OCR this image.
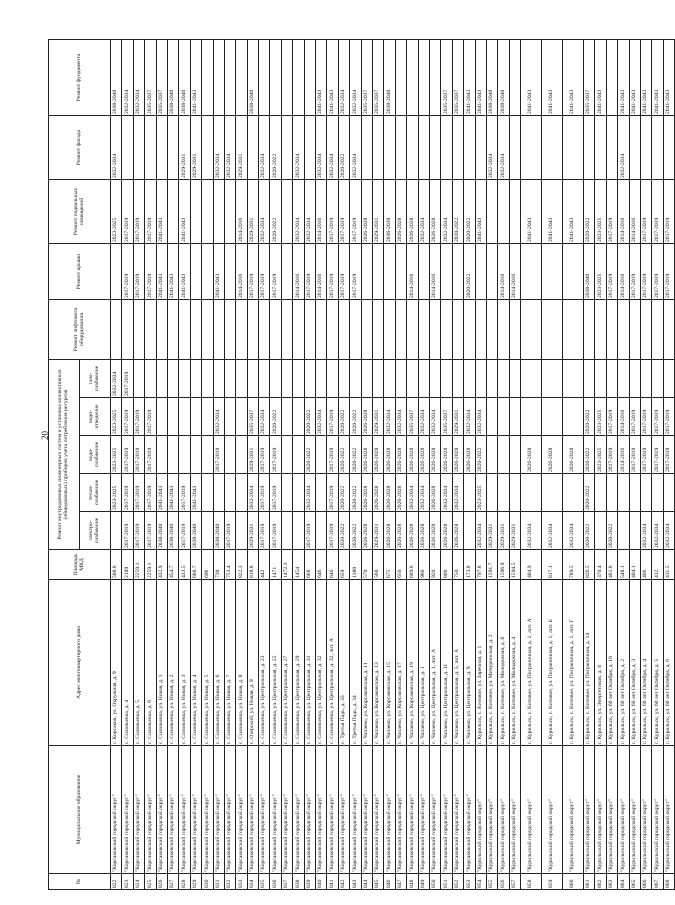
20
№	Муниципальное образование	Адрес многоквартирного дома	Площадь МКД	Ремонт внутридомовых инженерных систем и установка коллективных (общедомовых) приборов учета потребления ресурсов					Ремонт лифтового оборудования	Ремонт крыши	Ремонт подвальных помещений	Ремонт фасада	Ремонт фундамента
				электро-снабжение	тепло-снабжение	водо-снабжение	водо-отведение	газо-снабжение					
822	"Корсаковский городской округ"	г. Корсаков, ул. Окружная, д. 9	588.6		2023-2025	2023-2025	2023-2025	2032-2034			2023-2025	2032-2034	2038-2040
823	"Корсаковский городской округ"	с. Соловьевка, д. 4	2189	2017-2019	2017-2019	2017-2019	2017-2019	2017-2019		2017-2019	2017-2019		2032-2034
824	"Корсаковский городской округ"	с. Соловьевка, д. 5	2259.1	2017-2019	2017-2019	2017-2019	2017-2019			2017-2019	2017-2019		2032-2034
825	"Корсаковский городской округ"	с. Соловьевка, д. 6	2259.1	2017-2019	2017-2019	2017-2019	2017-2019			2017-2019	2017-2019		2035-2037
826	"Корсаковский городской округ"	с. Соловьевка, ул. Новая, д. 1	432.9	2038-2040	2041-2043					2041-2043	2041-2043		2035-2037
827	"Корсаковский городской округ"	с. Соловьевка, ул. Новая, д. 2	454.7	2038-2040	2041-2043					2041-2043			2038-2040
828	"Корсаковский городской округ"	с. Соловьевка, ул. Новая, д. 3	433.5	2017-2019	2017-2019					2041-2043	2041-2043	2029-2031	2038-2040
829	"Корсаковский городской округ"	с. Соловьевка, ул. Новая, д. 4	688.7	2038-2040	2041-2043							2029-2031	2041-2043
830	"Корсаковский городской округ"	с. Соловьевка, ул. Новая, д. 5	696										
831	"Корсаковский городской округ"	с. Соловьевка, ул. Новая, д. 6	738	2038-2040		2017-2019	2032-2034			2041-2043		2032-2034	
832	"Корсаковский городской округ"	с. Соловьевка, ул. Новая, д. 7	753.4	2017-2019								2032-2034	
833	"Корсаковский городской округ"	с. Соловьевка, ул. Новая, д. 8	822.3							2014-2016	2014-2016	2029-2031	
834	"Корсаковский городской округ"	с. Озерский, ул. Новая, д. 9	818.8	2029-2031	2032-2034	2029-2031	2035-2037			2017-2019	2029-2031		2038-2040
835	"Корсаковский городской округ"	с. Соловьевка, ул. Центральная, д. 23	442	2017-2019	2017-2019	2017-2019	2032-2034			2017-2019	2032-2034	2032-2034	
836	"Корсаковский городской округ"	с. Соловьевка, ул. Центральная, д. 25	1471	2017-2019	2017-2019	2017-2019	2020-2022			2017-2019	2020-2022	2020-2022	
837	"Корсаковский городской округ"	с. Соловьевка, ул. Центральная, д. 27	1472.3										
838	"Корсаковский городской округ"	с. Соловьевка, ул. Центральная, д. 29	1454							2014-2016	2032-2034	2032-2034	
839	"Корсаковский городской округ"	с. Соловьевка, ул. Центральная, д. 31	668	2017-2019	2032-2034	2020-2022	2020-2022			2017-2019	2032-2034		
840	"Корсаковский городской округ"	с. Соловьевка, ул. Центральная, д. 32	646				2032-2034			2014-2016	2014-2016	2032-2034	2041-2043
841	"Корсаковский городской округ"	с. Соловьевка, ул. Центральная, д. 32, лит. А	646	2017-2019	2017-2019	2017-2019	2017-2019			2017-2019	2017-2019	2032-2034	2041-2043
842	"Корсаковский городской округ"	с. Третья Падь, д. 33	659	2020-2022	2020-2022	2020-2022	2020-2022			2017-2019	2017-2019	2020-2022	2032-2034
843	"Корсаковский городской округ"	с. Третья Падь, д. 34	1380	2020-2022	2020-2022	2020-2022	2020-2022			2017-2019	2017-2019	2032-2034	2032-2034
844	"Корсаковский городской округ"	с. Чапаево, ул. Корсаковская, д. 11	570	2026-2028	2026-2028	2026-2028	2026-2028				2026-2028		2035-2037
845	"Корсаковский городской округ"	с. Чапаево, ул. Корсаковская, д. 13	560	2029-2031	2026-2028	2026-2028	2029-2031				2029-2031		2035-2037
846	"Корсаковский городской округ"	с. Чапаево, ул. Корсаковская, д. 15	675	2026-2028	2026-2028	2026-2028	2032-2034				2036-2038		2038-2040
847	"Корсаковский городской округ"	с. Чапаево, ул. Корсаковская, д. 17	650	2026-2028	2026-2028	2026-2028	2032-2034				2026-2028		
848	"Корсаковский городской округ"	с. Чапаево, ул. Корсаковская, д. 19	689.6	2026-2028	2032-2034	2026-2028	2035-2037			2014-2016	2026-2028		
849	"Корсаковский городской округ"	с. Чапаево, ул. Центральная, д. 1	960	2026-2028	2032-2034	2026-2028	2032-2034				2032-2034		
850	"Корсаковский городской округ"	с. Чапаево, ул. Центральная, д. 1, лит. А	920	2026-2028	2026-2028	2026-2028	2032-2034			2014-2016	2026-2028		
851	"Корсаковский городской округ"	с. Чапаево, ул. Центральная, д. 11	800	2026-2028	2032-2034	2026-2028	2035-2037				2032-2034		2035-2037
852	"Корсаковский городской округ"	с. Чапаево, ул. Центральная, д. 5, лит. А	750	2026-2028	2032-2034	2026-2028	2029-2031				2020-2022		2035-2037
853	"Корсаковский городской округ"	с. Чапаево, ул. Центральная, д. 9	173.8			2026-2028	2032-2034			2020-2022	2020-2022		2041-2043
854	"Курильский городской округ"	г. Курильск, с. Китовое, ул. Заречная, д. 1	797.8	2032-2034	2023-2025	2020-2022	2032-2034				2041-2043		2041-2043
855	"Курильский городской округ"	г. Курильск, с. Китовое, ул. Мичуринская, д. 2	1591.7	2029-2031								2032-2034	2038-2040
856	"Курильский городской округ"	г. Курильск, с. Китовое, ул. Молодежная, д. 8	1596.9	2029-2031						2014-2016		2032-2034	2038-2040
857	"Курильский городской округ"	г. Курильск, с. Китовое, ул. Молодежная, д. 4	1594.5	2029-2031						2014-2016			
858	"Курильский городской округ"	г. Курильск, с. Китовое, ул. Пограничная, д. 1, лит. А	404.9	2032-2034		2026-2028					2041-2043		2041-2043
859	"Курильский городской округ"	г. Курильск, с. Китовое, ул. Пограничная, д. 1, лит. Б	817.1	2032-2034		2026-2028					2041-2043		2041-2043
860	"Курильский городской округ"	г. Курильск, с. Китовое, ул. Пограничная, д. 1, лит. Г	789.5	2032-2034		2026-2028					2041-2043		2041-2043
861	"Курильский городской округ"	г. Курильск, с. Китовое, ул. Пограничная, д. 14	826.5	2020-2022	2020-2022	2020-2022	2020-2022			2038-2040	2020-2022		2035-2037
862	"Курильский городской округ"	г. Курильск, ул. Энергетиков, д. 8	370.4			2023-2025	2023-2025			2023-2025	2023-2025		2041-2043
863	"Курильский городской округ"	г. Курильск, ул. 60 лет Октября, д. 10	401.6	2020-2022		2017-2019	2017-2019			2017-2019	2017-2019		
864	"Курильский городской округ"	г. Курильск, ул. 60 лет Октября, д. 2	548.1			2014-2016	2014-2016			2014-2016	2014-2016	2032-2034	2041-2043
865	"Курильский городской округ"	г. Курильск, ул. 60 лет Октября, д. 3	404.1			2017-2019	2017-2019			2017-2019	2014-2016		2041-2043
866	"Курильский городской округ"	г. Курильск, ул. 60 лет Октября, д. 4	406	2032-2034		2017-2019	2017-2019			2017-2019	2017-2019		2041-2043
867	"Курильский городской округ"	г. Курильск, ул. 60 лет Октября, д. 5	412	2032-2034		2017-2019	2017-2019			2017-2019	2017-2019		2041-2043
868	"Курильский городской округ"	г. Курильск, ул. 60 лет Октября, д. 6	411.5	2032-2034		2017-2019	2017-2019			2017-2019	2017-2019		2041-2043
